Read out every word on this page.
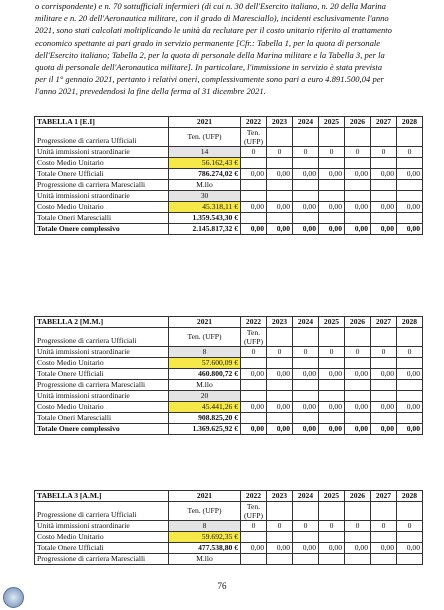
o corrispondente) e n. 70 sottufficiali infermieri (di cui n. 30 dell'Esercito italiano, n. 20 della Marina
militare e n. 20 dell'Aeronautica militare, con il grado di Maresciallo), incidenti esclusivamente l'anno
2021, sono stati calcolati moltiplicando le unità da reclutare per il costo unitario riferito al trattamento
economico spettante ai pari grado in servizio permanente [Cfr.: Tabella 1, per la quota di personale
dell'Esercito italiano; Tabella 2, per la quota di personale della Marina militare e la Tabella 3, per la
quota di personale dell'Aeronautica militare]. In particolare, l'immissione in servizio è stata prevista
per il 1° gennaio 2021, pertanto i relativi oneri, complessivamente sono pari a euro 4.891.500,04 per
l'anno 2021, prevedendosi la fine della ferma al 31 dicembre 2021.
TABELLA 1 [E.I]	2021	2022	2023	2024	2025	2026	2027	2028
Progressione di carriera Ufficiali	Ten. (UFP)	Ten. (UFP)						
Unità immissioni straordinarie	14	0	0	0	0	0	0	0
Costo Medio Unitario	56.162,43 €							
Totale Onere Ufficiali	786.274,02 €	0,00	0,00	0,00	0,00	0,00	0,00	0,00
Progressione di carriera Marescialli	M.llo							
Unità immissioni straordinarie	30							
Costo Medio Unitario	45.318,11 €	0,00	0,00	0,00	0,00	0,00	0,00	0,00
Totale Oneri Marescialli	1.359.543,30 €							
Totale Onere complessivo	2.145.817,32 €	0,00	0,00	0,00	0,00	0,00	0,00	0,00
TABELLA 2 [M.M.]	2021	2022	2023	2024	2025	2026	2027	2028
Progressione di carriera Ufficiali	Ten. (UFP)	Ten. (UFP)						
Unità immissioni straordinarie	8	0	0	0	0	0	0	0
Costo Medio Unitario	57.600,09 €							
Totale Onere Ufficiali	460.800,72 €	0,00	0,00	0,00	0,00	0,00	0,00	0,00
Progressione di carriera Marescialli	M.llo							
Unità immissioni straordinarie	20							
Costo Medio Unitario	45.441,26 €	0,00	0,00	0,00	0,00	0,00	0,00	0,00
Totale Oneri Marescialli	908.825,20 €							
Totale Onere complessivo	1.369.625,92 €	0,00	0,00	0,00	0,00	0,00	0,00	0,00
TABELLA 3 [A.M.]	2021	2022	2023	2024	2025	2026	2027	2028
Progressione di carriera Ufficiali	Ten. (UFP)	Ten. (UFP)						
Unità immissioni straordinarie	8	0	0	0	0	0	0	0
Costo Medio Unitario	59.692,35 €							
Totale Onere Ufficiali	477.538,80 €	0,00	0,00	0,00	0,00	0,00	0,00	0,00
Progressione di carriera Marescialli	M.llo							
76
